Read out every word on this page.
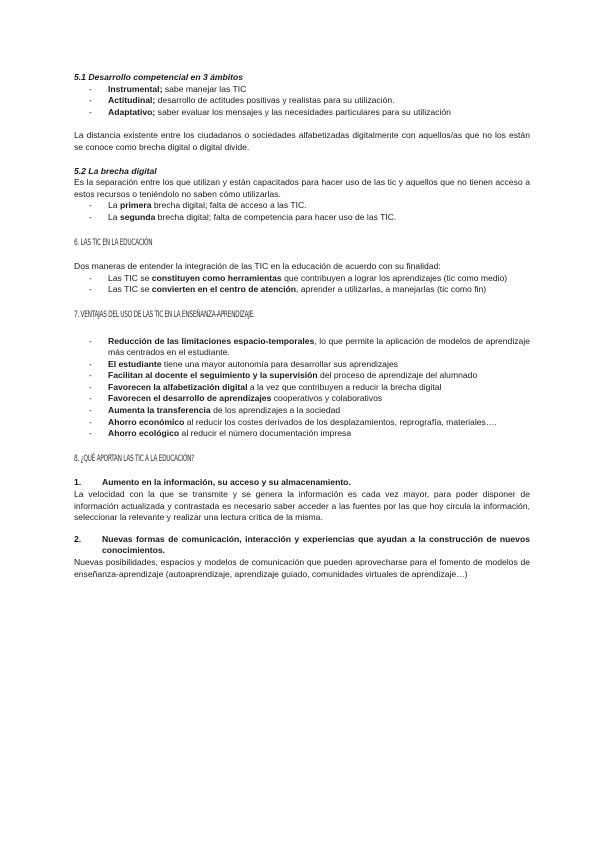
5.1 Desarrollo competencial en 3 ámbitos

- Instrumental; sabe manejar las TIC
- Actitudinal; desarrollo de actitudes positivas y realistas para su utilización.
- Adaptativo; saber evaluar los mensajes y las necesidades particulares para su utilización

La distancia existente entre los ciudadanos o sociedades alfabetizadas digitalmente con aquellos/as que no los están se conoce como brecha digital o digital divide.

5.2 La brecha digital

Es la separación entre los que utilizan y están capacitados para hacer uso de las tic y aquellos que no tienen acceso a estos recursos o teniéndolo no saben cómo utilizarlas.

- La primera brecha digital; falta de acceso a las TIC.
- La segunda brecha digital; falta de competencia para hacer uso de las TIC.
6. LAS TIC EN LA EDUCACIÓN

Dos maneras de entender la integración de las TIC en la educación de acuerdo con su finalidad:

- Las TIC se constituyen como herramientas que contribuyen a lograr los aprendizajes (tic como medio)
- Las TIC se convierten en el centro de atención, aprender a utilizarlas, a manejarlas (tic como fin)
7. VENTAJAS DEL USO DE LAS TIC EN LA ENSEÑANZA-APRENDIZAJE.
- Reducción de las limitaciones espacio-temporales, lo que permite la aplicación de modelos de aprendizaje más centrados en el estudiante.
- El estudiante tiene una mayor autonomía para desarrollar sus aprendizajes
- Facilitan al docente el seguimiento y la supervisión del proceso de aprendizaje del alumnado
- Favorecen la alfabetización digital a la vez que contribuyen a reducir la brecha digital
- Favorecen el desarrollo de aprendizajes cooperativos y colaborativos
- Aumenta la transferencia de los aprendizajes a la sociedad
- Ahorro económico al reducir los costes derivados de los desplazamientos, reprografía, materiales….
- Ahorro ecológico al reducir el número documentación impresa
8. ¿QUÉ APORTAN LAS TIC A LA EDUCACIÓN?
1.	Aumento en la información, su acceso y su almacenamiento.

La velocidad con la que se transmite y se genera la información es cada vez mayor, para poder disponer de información actualizada y contrastada es necesario saber acceder a las fuentes por las que hoy circula la información, seleccionar la relevante y realizar una lectura crítica de la misma.

2.	Nuevas formas de comunicación, interacción y experiencias que ayudan a la construcción de nuevos conocimientos.

Nuevas posibilidades, espacios y modelos de comunicación que pueden aprovecharse para el fomento de modelos de enseñanza-aprendizaje (autoaprendizaje, aprendizaje guiado, comunidades virtuales de aprendizaje…)
